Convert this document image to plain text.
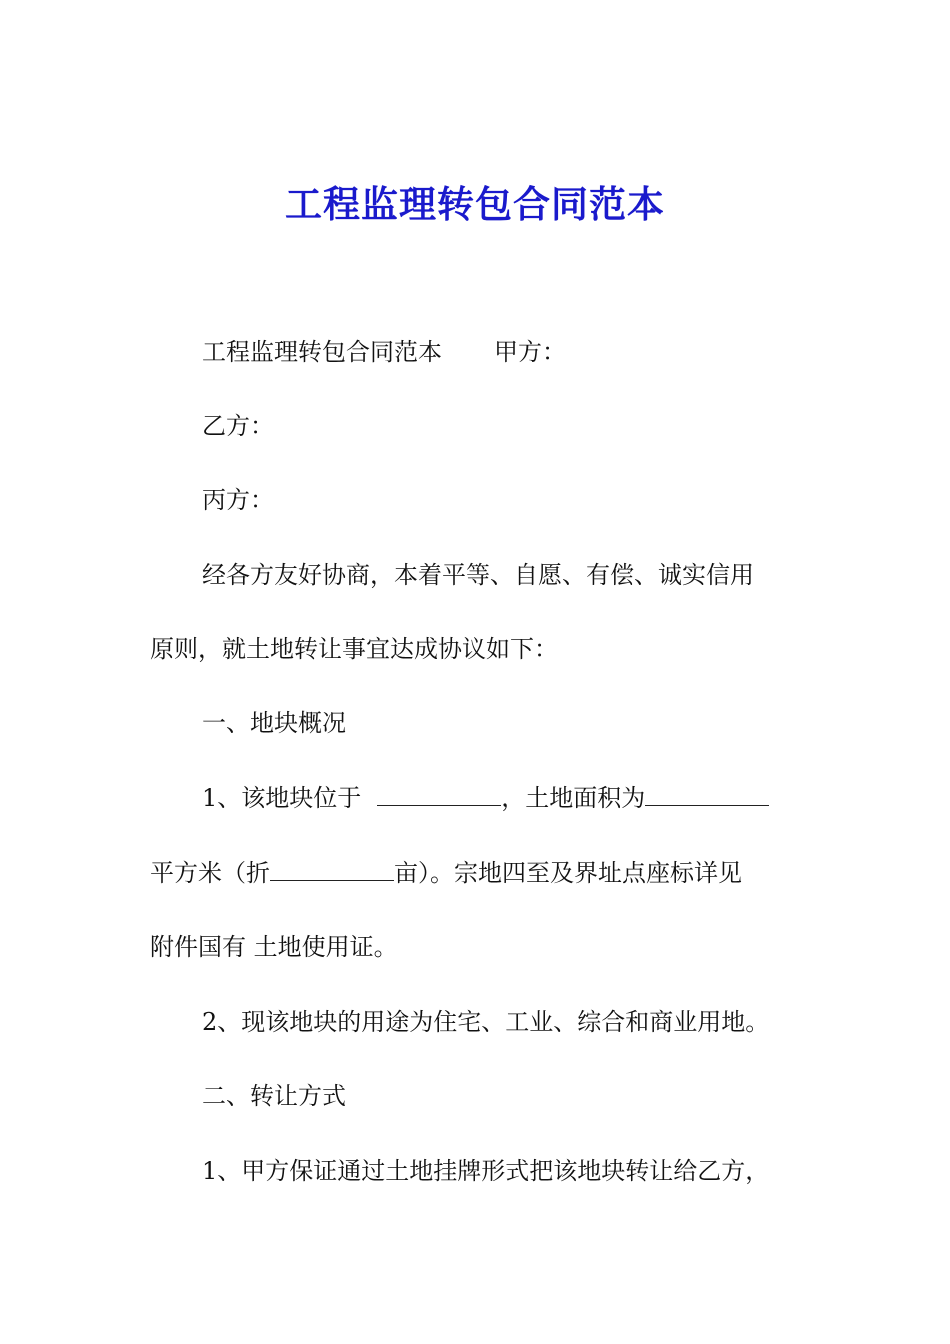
工程监理转包合同范本

工程监理转包合同范本 甲方：

乙方：

丙方：

经各方友好协商，本着平等、自愿、有偿、诚实信用

原则，就土地转让事宜达成协议如下：

一、地块概况

1、该地块位于	，土地面积为

平方米（折	亩）。宗地四至及界址点座标详见

附件国有 土地使用证。

2、现该地块的用途为住宅、工业、综合和商业用地。

二、转让方式

1、甲方保证通过土地挂牌形式把该地块转让给乙方，
